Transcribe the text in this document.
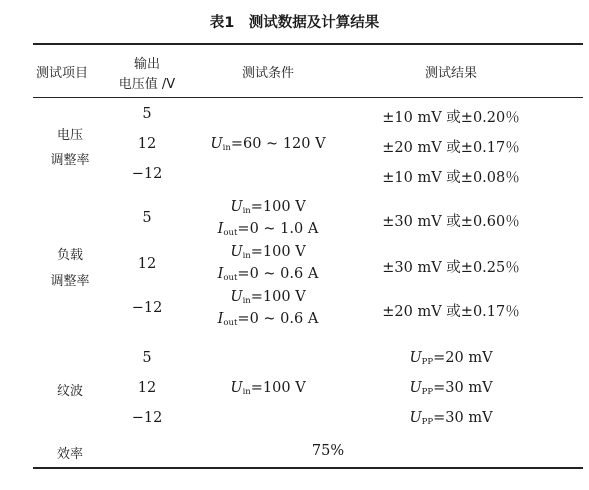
表1　测试数据及计算结果
测试项目
输出
电压值 /V
测试条件	测试结果
电压
调整率
5
12
−12
$U_{in}=60$ ~ 120 V
±10 mV 或±0.20％
±20 mV 或±0.17％
±10 mV 或±0.08％
负载
调整率
5
12
−12
$U_{in}=100$ V
$I_{out}=0$ ~ 1.0 A
$U_{in}=100$ V
$I_{out}=0$ ~ 0.6 A
$U_{in}=100$ V
$I_{out}=0$ ~ 0.6 A
±30 mV 或±0.60％
±30 mV 或±0.25％
±20 mV 或±0.17％
纹波
5
12
−12
$U_{in}=100$ V
$U_{PP}=20$ mV
$U_{PP}=30$ mV
$U_{PP}=30$ mV
效率	75%
